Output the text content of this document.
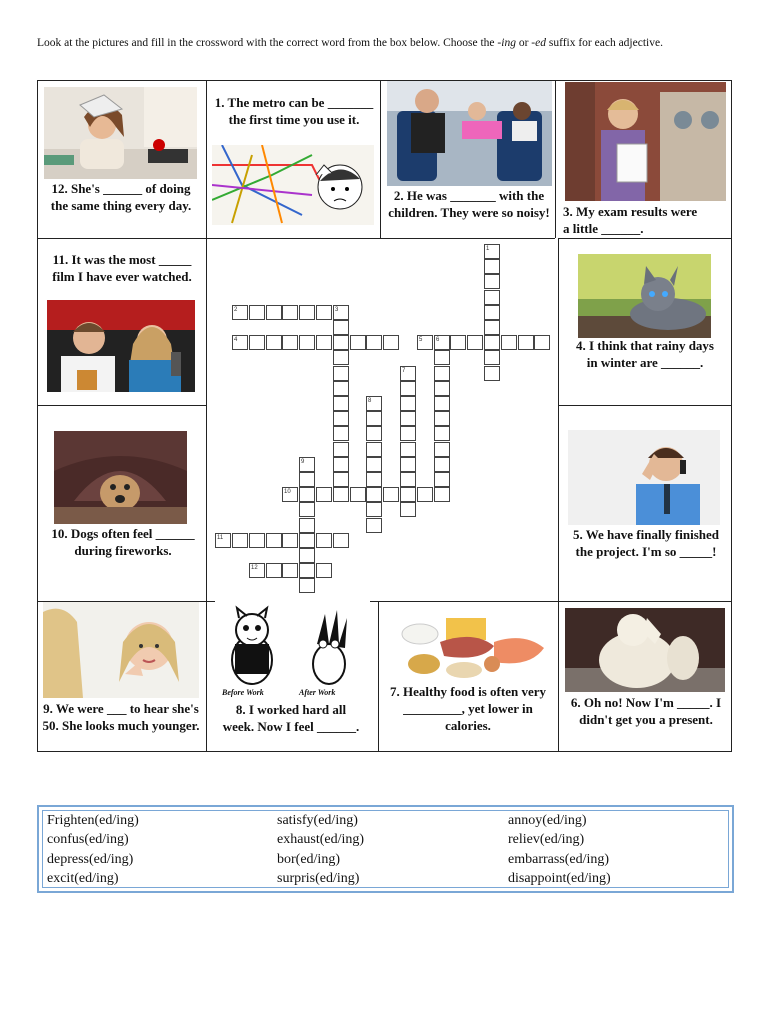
Look at the pictures and fill in the crossword with the correct word from the box below. Choose the -ing or -ed suffix for each adjective.
Before Work	After Work
12. She's ______ of doing the same thing every day.
1. The metro can be _______ the first time you use it.
2. He was _______ with the children. They were so noisy! 3. My exam results were a little ______.
11. It was the most _____ film I have ever watched.
4. I think that rainy days in winter are ______.
10. Dogs often feel ______ during fireworks.
5. We have finally finished the project. I'm so _____!
9. We were ___ to hear she's 50. She looks much younger.
8. I worked hard all week. Now I feel ______.
7. Healthy food is often very _________, yet lower in calories.
6. Oh no! Now I'm _____. I didn't get you a present.
1
2	3
4	5 6
7
8
9
10
11
12
Frighten(ed/ing)	satisfy(ed/ing)	annoy(ed/ing)
confus(ed/ing)	exhaust(ed/ing)	reliev(ed/ing)
depress(ed/ing)	bor(ed/ing)	embarrass(ed/ing)
excit(ed/ing)	surpris(ed/ing)	disappoint(ed/ing)
